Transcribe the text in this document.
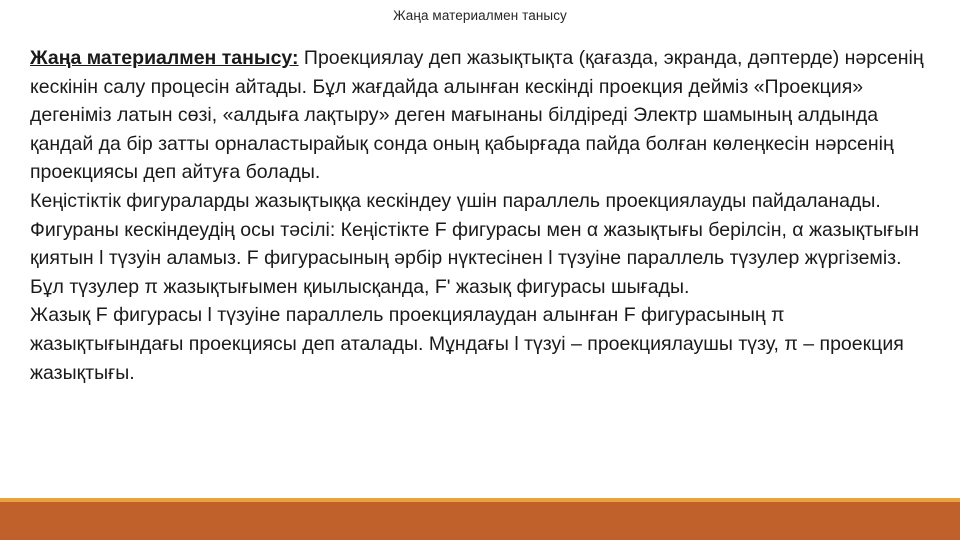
Жаңа материалмен танысу

Жаңа материалмен танысу: Проекциялау деп жазықтықта (қағазда, экранда, дәптерде) нәрсенің кескінін салу процесін айтады. Бұл жағдайда алынған кескінді проекция дейміз «Проекция» дегеніміз латын сөзі, «алдыға лақтыру» деген мағынаны білдіреді Электр шамының алдында қандай да бір затты орналастырайық сонда оның қабырғада пайда болған көлеңкесін нәрсенің проекциясы деп айтуға болады.

Кеңістіктік фигураларды жазықтыққа кескіндеу үшін параллель проекциялауды пайдаланады.

Фигураны кескіндеудің осы тәсілі: Кеңістікте F фигурасы мен α жазықтығы берілсін, α жазықтығын қиятын l түзуін аламыз. F фигурасының әрбір нүктесінен l түзуіне параллель түзулер жүргіземіз. Бұл түзулер π жазықтығымен қиылысқанда, F' жазық фигурасы шығады.

Жазық F фигурасы l түзуіне параллель проекциялаудан алынған F фигурасының π жазықтығындағы проекциясы деп аталады. Мұндағы l түзуі – проекциялаушы түзу, π – проекция жазықтығы.
